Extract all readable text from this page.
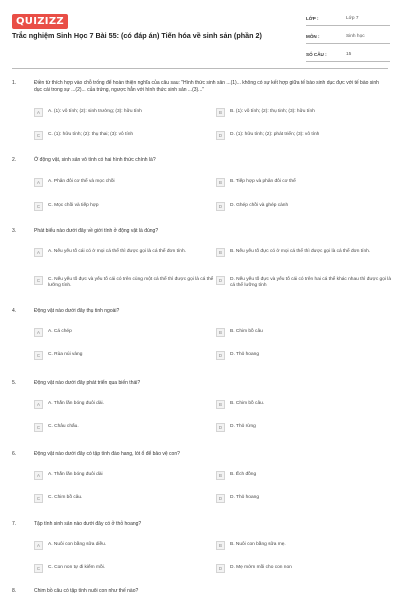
QUIZIZZ
Trắc nghiệm Sinh Học 7 Bài 55: (có đáp án) Tiến hóa về sinh sản (phần 2)
LỚP :	Lớp 7
MÔN :	Sinh học
SỐ CÂU :	15
1.	Điền từ thích hợp vào chỗ trống để hoàn thiện nghĩa của câu sau: "Hình thức sinh sản ...(1)... không có sự kết hợp giữa tế bào sinh dục đực với tế bào sinh dục cái trong sự ...(2)... của trứng, ngược hẳn với hình thức sinh sản ...(3)..."
A	A. (1): vô tính; (2): sinh trưởng; (3): hữu tính	B	B. (1): vô tính; (2): thụ tinh; (3): hữu tính
C	C. (1): hữu tính; (2): thụ thai; (3): vô tính	D	D. (1): hữu tính; (2): phát triển; (3): vô tính
2.	Ở động vật, sinh sản vô tính có hai hình thức chính là?
A	A. Phân đôi cơ thể và mọc chồi	B	B. Tiếp hợp và phân đôi cơ thể
C	C. Mọc chồi và tiếp hợp	D	D. Ghép chồi và ghép cành
3.	Phát biểu nào dưới đây về giới tính ở động vật là đúng?
A	A. Nếu yếu tố cái có ở mọi cá thể thì được gọi là cá thể đơn tính.	B	B. Nếu yếu tố đực có ở mọi cá thể thì được gọi là cá thể đơn tính.
C	C. Nếu yếu tố đực và yếu tố cái có trên cùng một cá thể thì được gọi là cá thể lưỡng tính.
D	D. Nếu yếu tố đực và yếu tố cái có trên hai cá thể khác nhau thì được gọi là cá thể lưỡng tính
4.	Động vật nào dưới đây thụ tinh ngoài?
A	A. Cá chép	B	B. Chim bồ câu
C	C. Rùa núi vàng	D	D. Thỏ hoang
5.	Động vật nào dưới đây phát triển qua biến thái?
A	A. Thằn lằn bóng đuôi dài.	B	B. Chim bồ câu.
C	C. Châu chấu.	D	D. Thỏ rừng
6.	Động vật nào dưới đây có tập tính đào hang, lót ổ để bảo vệ con?
A	A. Thằn lằn bóng đuôi dài	B	B. Ếch đồng
C	C. Chim bồ câu.	D	D. Thỏ hoang
7.	Tập tính sinh sản nào dưới đây có ở thỏ hoang?
A	A. Nuôi con bằng sữa diều.	B	B. Nuôi con bằng sữa mẹ.
C	C. Con non tự đi kiếm mồi.	D	D. Mẹ mớm mồi cho con non
8.	Chim bồ câu có tập tính nuôi con như thế nào?
